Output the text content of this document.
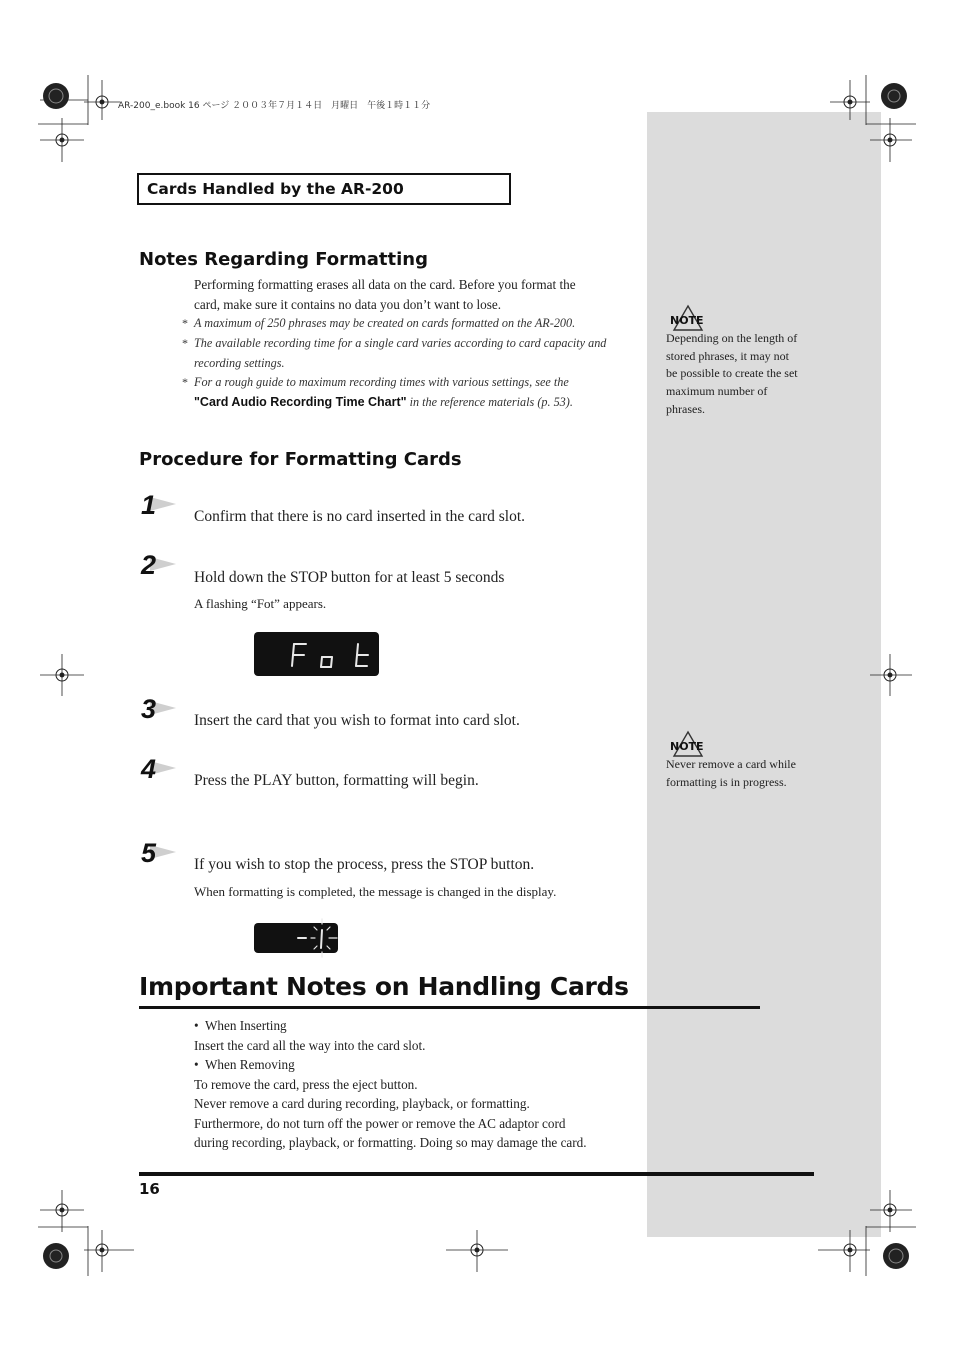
AR-200_e.book 16 ページ ２００３年７月１４日　月曜日　午後１時１１分
Cards Handled by the AR-200
Notes Regarding Formatting
Performing formatting erases all data on the card. Before you format the
card, make sure it contains no data you don’t want to lose.
* A maximum of 250 phrases may be created on cards formatted on the AR-200.
* The available recording time for a single card varies according to card capacity and
recording settings.
* For a rough guide to maximum recording times with various settings, see the
"Card Audio Recording Time Chart" in the reference materials (p. 53).
Procedure for Formatting Cards
1 Confirm that there is no card inserted in the card slot.
2 Hold down the STOP button for at least 5 seconds
A flashing “Fot” appears.
3 Insert the card that you wish to format into card slot.
4 Press the PLAY button, formatting will begin.
5 If you wish to stop the process, press the STOP button.
When formatting is completed, the message is changed in the display.
Important Notes on Handling Cards
• When Inserting
Insert the card all the way into the card slot.
• When Removing
To remove the card, press the eject button.
Never remove a card during recording, playback, or formatting.
Furthermore, do not turn off the power or remove the AC adaptor cord
during recording, playback, or formatting. Doing so may damage the card.
16
NOTE
Depending on the length of
stored phrases, it may not
be possible to create the set
maximum number of
phrases.
NOTE
Never remove a card while
formatting is in progress.
